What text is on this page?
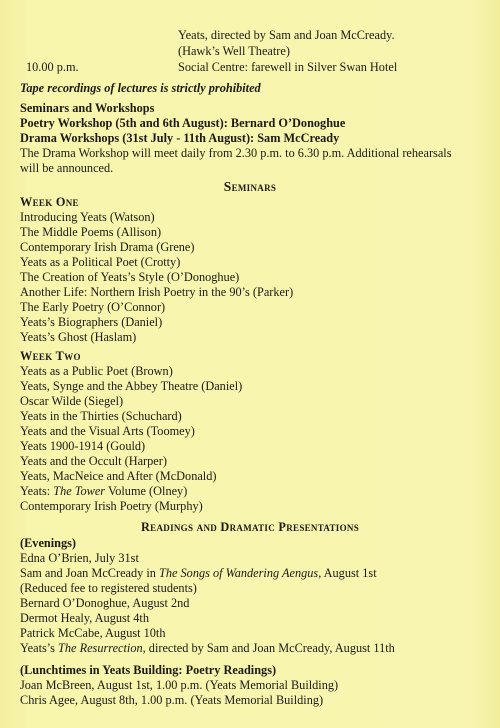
Yeats, directed by Sam and Joan McCready.
(Hawk’s Well Theatre)
10.00 p.m.	Social Centre: farewell in Silver Swan Hotel
Tape recordings of lectures is strictly prohibited
Seminars and Workshops
Poetry Workshop (5th and 6th August): Bernard O’Donoghue
Drama Workshops (31st July - 11th August): Sam McCready
The Drama Workshop will meet daily from 2.30 p.m. to 6.30 p.m. Additional rehearsals
will be announced.
Seminars
Week One
Introducing Yeats (Watson)
The Middle Poems (Allison)
Contemporary Irish Drama (Grene)
Yeats as a Political Poet (Crotty)
The Creation of Yeats’s Style (O’Donoghue)
Another Life: Northern Irish Poetry in the 90’s (Parker)
The Early Poetry (O’Connor)
Yeats’s Biographers (Daniel)
Yeats’s Ghost (Haslam)
Week Two
Yeats as a Public Poet (Brown)
Yeats, Synge and the Abbey Theatre (Daniel)
Oscar Wilde (Siegel)
Yeats in the Thirties (Schuchard)
Yeats and the Visual Arts (Toomey)
Yeats 1900-1914 (Gould)
Yeats and the Occult (Harper)
Yeats, MacNeice and After (McDonald)
Yeats: The Tower Volume (Olney)
Contemporary Irish Poetry (Murphy)
Readings and Dramatic Presentations
(Evenings)
Edna O’Brien, July 31st
Sam and Joan McCready in The Songs of Wandering Aengus, August 1st
(Reduced fee to registered students)
Bernard O’Donoghue, August 2nd
Dermot Healy, August 4th
Patrick McCabe, August 10th
Yeats’s The Resurrection, directed by Sam and Joan McCready, August 11th
(Lunchtimes in Yeats Building: Poetry Readings)
Joan McBreen, August 1st, 1.00 p.m. (Yeats Memorial Building)
Chris Agee, August 8th, 1.00 p.m. (Yeats Memorial Building)
